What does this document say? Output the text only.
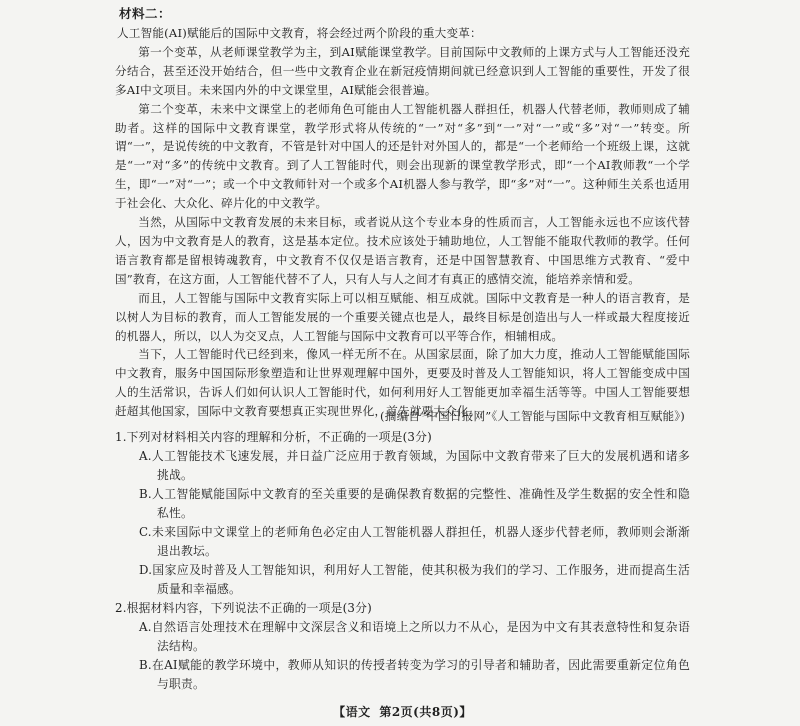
材料二：

人工智能(AI)赋能后的国际中文教育，将会经过两个阶段的重大变革：

第一个变革，从老师课堂教学为主，到AI赋能课堂教学。目前国际中文教师的上课方式与人工智能还没充分结合，甚至还没开始结合，但一些中文教育企业在新冠疫情期间就已经意识到人工智能的重要性，开发了很多AI中文项目。未来国内外的中文课堂里，AI赋能会很普遍。

第二个变革，未来中文课堂上的老师角色可能由人工智能机器人群担任，机器人代替老师，教师则成了辅助者。这样的国际中文教育课堂，教学形式将从传统的“一”对“多”到“一”对“一”或“多”对“一”转变。所谓“一”，是说传统的中文教育，不管是针对中国人的还是针对外国人的，都是“一个老师给一个班级上课，这就是“一”对“多”的传统中文教育。到了人工智能时代，则会出现新的课堂教学形式，即“一个AI教师教“一个学生，即“一”对“一”；或一个中文教师针对一个或多个AI机器人参与教学，即“多”对“一”。这种师生关系也适用于社会化、大众化、碎片化的中文教学。

当然，从国际中文教育发展的未来目标，或者说从这个专业本身的性质而言，人工智能永远也不应该代替人，因为中文教育是人的教育，这是基本定位。技术应该处于辅助地位，人工智能不能取代教师的教学。任何语言教育都是留根铸魂教育，中文教育不仅仅是语言教育，还是中国智慧教育、中国思维方式教育、“爱中国”教育，在这方面，人工智能代替不了人，只有人与人之间才有真正的感情交流，能培养亲情和爱。

而且，人工智能与国际中文教育实际上可以相互赋能、相互成就。国际中文教育是一种人的语言教育，是以树人为目标的教育，而人工智能发展的一个重要关键点也是人，最终目标是创造出与人一样或最大程度接近的机器人，所以，以人为交叉点，人工智能与国际中文教育可以平等合作，相辅相成。

当下，人工智能时代已经到来，像风一样无所不在。从国家层面，除了加大力度，推动人工智能赋能国际中文教育，服务中国国际形象塑造和让世界观理解中国外，更要及时普及人工智能知识，将人工智能变成中国人的生活常识，告诉人们如何认识人工智能时代，如何利用好人工智能更加幸福生活等等。中国人工智能要想赶超其他国家，国际中文教育要想真正实现世界化，首先就要大众化。

(摘编自“中国日报网”《人工智能与国际中文教育相互赋能》)

1.下列对材料相关内容的理解和分析，不正确的一项是(3分)

A.人工智能技术飞速发展，并日益广泛应用于教育领域，为国际中文教育带来了巨大的发展机遇和诸多挑战。

B.人工智能赋能国际中文教育的至关重要的是确保教育数据的完整性、准确性及学生数据的安全性和隐私性。

C.未来国际中文课堂上的老师角色必定由人工智能机器人群担任，机器人逐步代替老师，教师则会渐渐退出教坛。

D.国家应及时普及人工智能知识，利用好人工智能，使其积极为我们的学习、工作服务，进而提高生活质量和幸福感。

2.根据材料内容，下列说法不正确的一项是(3分)

A.自然语言处理技术在理解中文深层含义和语境上之所以力不从心，是因为中文有其表意特性和复杂语法结构。

B.在AI赋能的教学环境中，教师从知识的传授者转变为学习的引导者和辅助者，因此需要重新定位角色与职责。

【语文 第2页(共8页)】
